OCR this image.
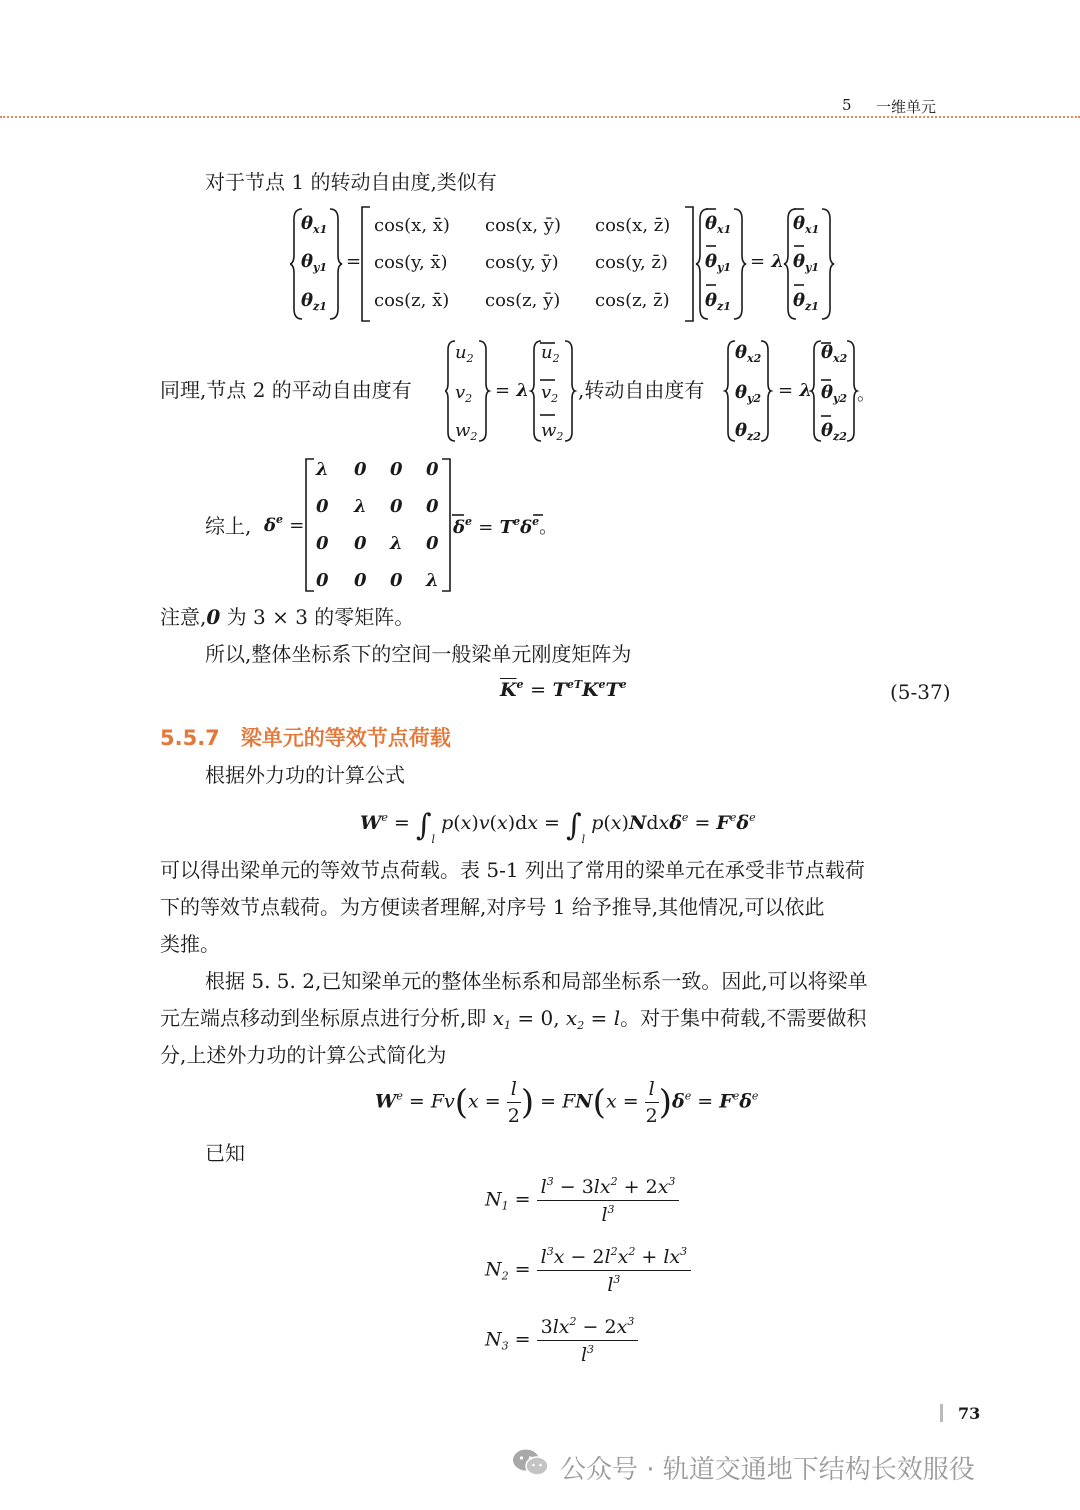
5 一维单元
对于节点 1 的转动自由度,类似有
$\theta_{x1}$
$\theta_{y1}$
$\theta_{z1}$
=
cos(x, x̄) cos(x, ȳ) cos(x, z̄)
cos(y, x̄) cos(y, ȳ) cos(y, z̄)
cos(z, x̄) cos(z, ȳ) cos(z, z̄)
$\theta_{x1}$
$\theta_{y1}$
$\theta_{z1}$
= λ
$\theta_{x1}$
$\theta_{y1}$
$\theta_{z1}$
同理,节点 2 的平动自由度有
$u_2$
$v_2$
$w_2$
= λ
$u_2$
$v_2$
$w_2$
$\theta_{x2}$
$\theta_{y2}$
$\theta_{z2}$
= λ
$\theta_{x2}$
$\theta_{y2}$
$\theta_{z2}$
。
,转动自由度有
综上, $\delta^e$ =
λ 0 0 0
0 λ 0 0
0 0 λ 0
0 0 0 λ
$\delta^e = T^e\delta^e$。
注意,0 为 3 × 3 的零矩阵。
所以,整体坐标系下的空间一般梁单元刚度矩阵为
$\overline{K}^e = T^{eT}K^eT^e$	(5-37)
5.5.7　梁单元的等效节点荷载
根据外力功的计算公式
$W^e = \int_l$ $p(x)v(x)dx = \int_l$ $p(x)Ndx\delta^e = F^e\delta^e$
可以得出梁单元的等效节点荷载。表 5-1 列出了常用的梁单元在承受非节点载荷
下的等效节点载荷。为方便读者理解,对序号 1 给予推导,其他情况,可以依此
类推。
根据 5. 5. 2,已知梁单元的整体坐标系和局部坐标系一致。因此,可以将梁单
元左端点移动到坐标原点进行分析,即 $x_1 = 0$, $x_2 = l$。对于集中荷载,不需要做积
分,上述外力功的计算公式简化为
$W^e = Fv(x = \frac{l}{2}$ ) = $FN(x = \frac{l}{2} )\delta^e = F^e\delta^e$
已知
$N_1 = \frac{l^3 - 3lx^2 + 2x^3}{l^3}$
$N_2 = \frac{l^3x - 2l^2x^2 + lx^3}{l^3}$
$N_3 = \frac{3lx^2 - 2x^3}{l^3}$
73
公众号 · 轨道交通地下结构长效服役
